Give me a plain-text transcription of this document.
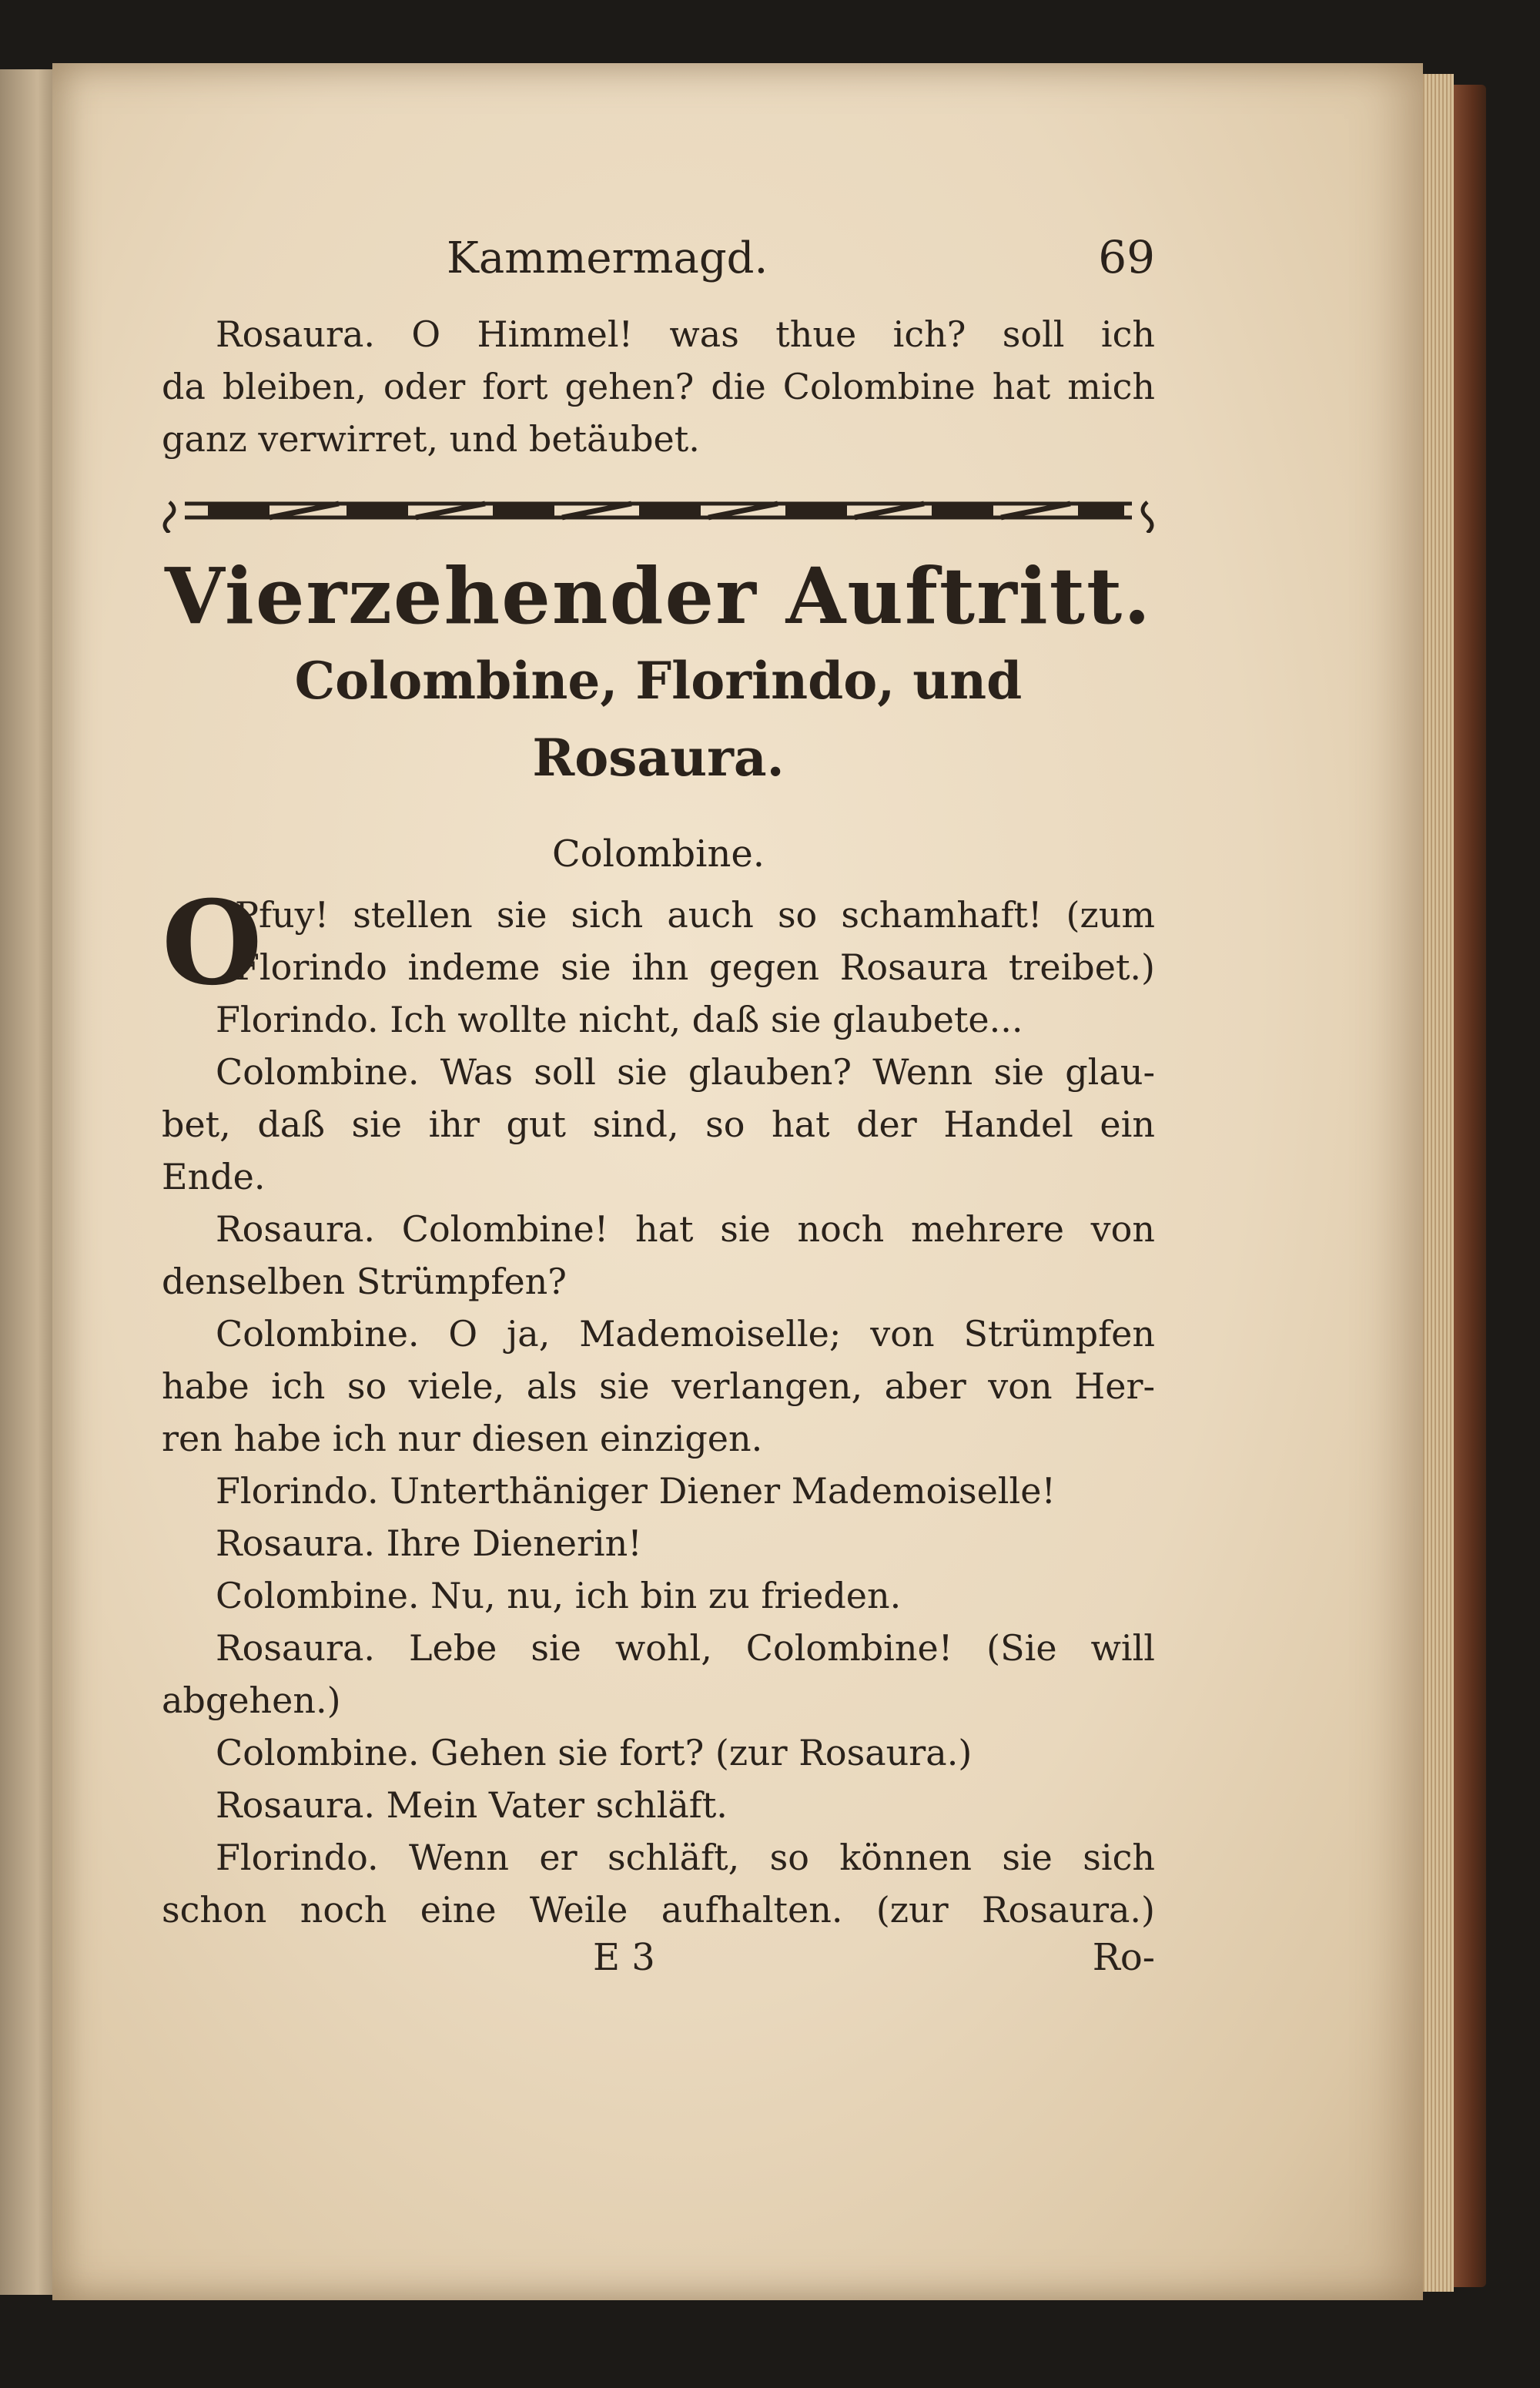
Kammermagd.	69
Rosaura. O Himmel! was thue ich? soll ich
da bleiben, oder fort gehen? die Colombine hat mich
ganz verwirret, und betäubet.
Vierzehender Auftritt.
Colombine, Florindo, und Rosaura.
Colombine.
O
Pfuy! stellen sie sich auch so schamhaft! (zum
Florindo indeme sie ihn gegen Rosaura treibet.)
Florindo. Ich wollte nicht, daß sie glaubete...
Colombine. Was soll sie glauben? Wenn sie glau-
bet, daß sie ihr gut sind, so hat der Handel ein
Ende.
Rosaura. Colombine! hat sie noch mehrere von
denselben Strümpfen?
Colombine. O ja, Mademoiselle; von Strümpfen
habe ich so viele, als sie verlangen, aber von Her-
ren habe ich nur diesen einzigen.
Florindo. Unterthäniger Diener Mademoiselle!
Rosaura. Ihre Dienerin!
Colombine. Nu, nu, ich bin zu frieden.
Rosaura. Lebe sie wohl, Colombine! (Sie will
abgehen.)
Colombine. Gehen sie fort? (zur Rosaura.)
Rosaura. Mein Vater schläft.
Florindo. Wenn er schläft, so können sie sich
schon noch eine Weile aufhalten. (zur Rosaura.)
E 3	Ro-
